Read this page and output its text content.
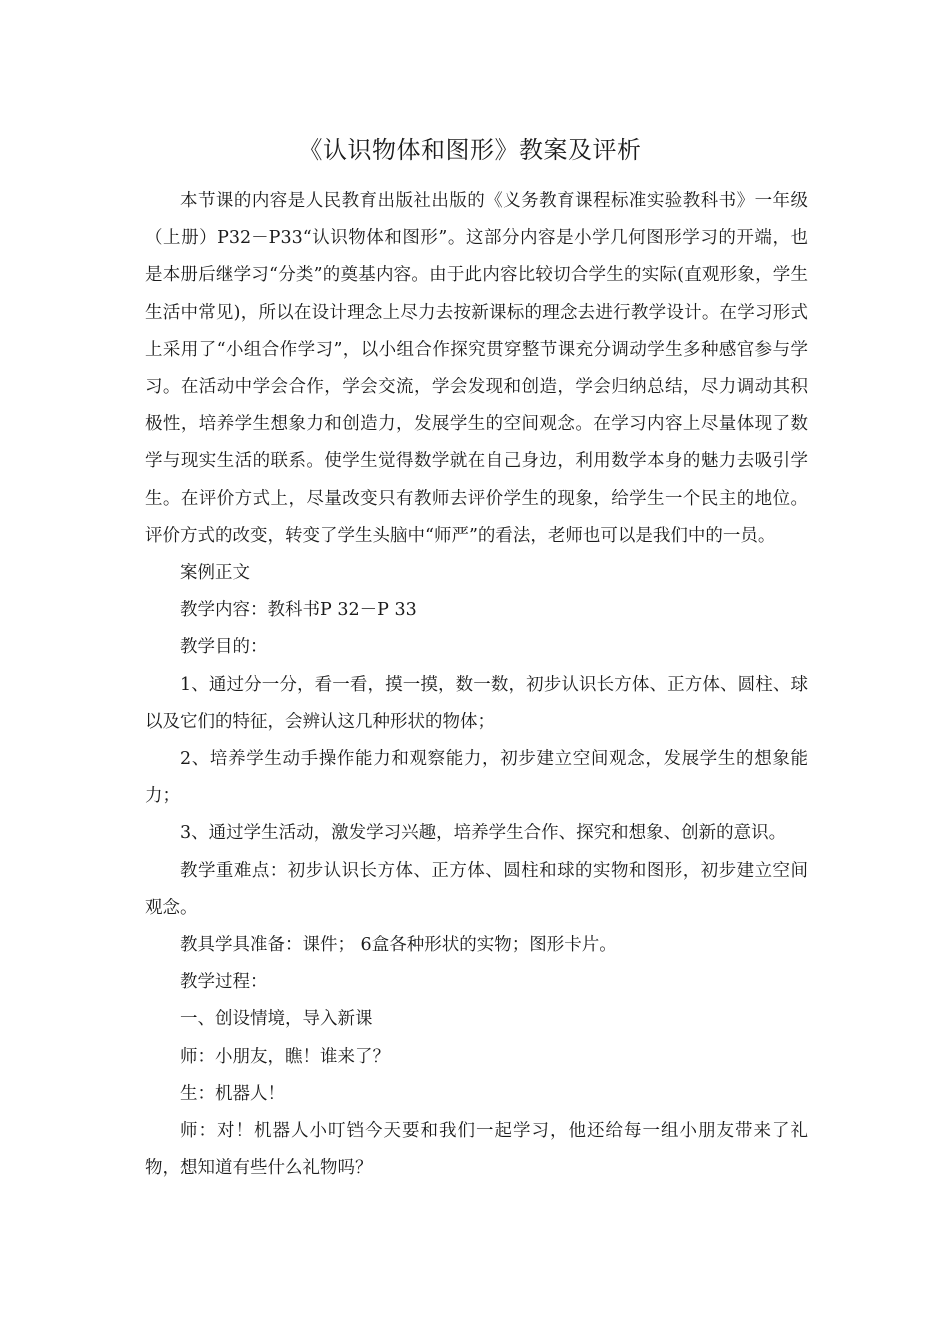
《认识物体和图形》教案及评析

本节课的内容是人民教育出版社出版的《义务教育课程标准实验教科书》一年级（上册）P32－P33“认识物体和图形”。这部分内容是小学几何图形学习的开端，也是本册后继学习“分类”的奠基内容。由于此内容比较切合学生的实际(直观形象，学生生活中常见)，所以在设计理念上尽力去按新课标的理念去进行教学设计。在学习形式上采用了“小组合作学习”，以小组合作探究贯穿整节课充分调动学生多种感官参与学习。在活动中学会合作，学会交流，学会发现和创造，学会归纳总结，尽力调动其积极性，培养学生想象力和创造力，发展学生的空间观念。在学习内容上尽量体现了数学与现实生活的联系。使学生觉得数学就在自己身边，利用数学本身的魅力去吸引学生。在评价方式上，尽量改变只有教师去评价学生的现象，给学生一个民主的地位。评价方式的改变，转变了学生头脑中“师严”的看法，老师也可以是我们中的一员。

案例正文

教学内容：教科书P 32－P 33

教学目的：

1、通过分一分，看一看，摸一摸，数一数，初步认识长方体、正方体、圆柱、球以及它们的特征，会辨认这几种形状的物体；

2、培养学生动手操作能力和观察能力，初步建立空间观念，发展学生的想象能力；

3、通过学生活动，激发学习兴趣，培养学生合作、探究和想象、创新的意识。

教学重难点：初步认识长方体、正方体、圆柱和球的实物和图形，初步建立空间观念。

教具学具准备：课件； 6盒各种形状的实物；图形卡片。

教学过程：

一、创设情境，导入新课

师：小朋友，瞧！谁来了？

生：机器人！

师：对！机器人小叮铛今天要和我们一起学习，他还给每一组小朋友带来了礼物，想知道有些什么礼物吗？
